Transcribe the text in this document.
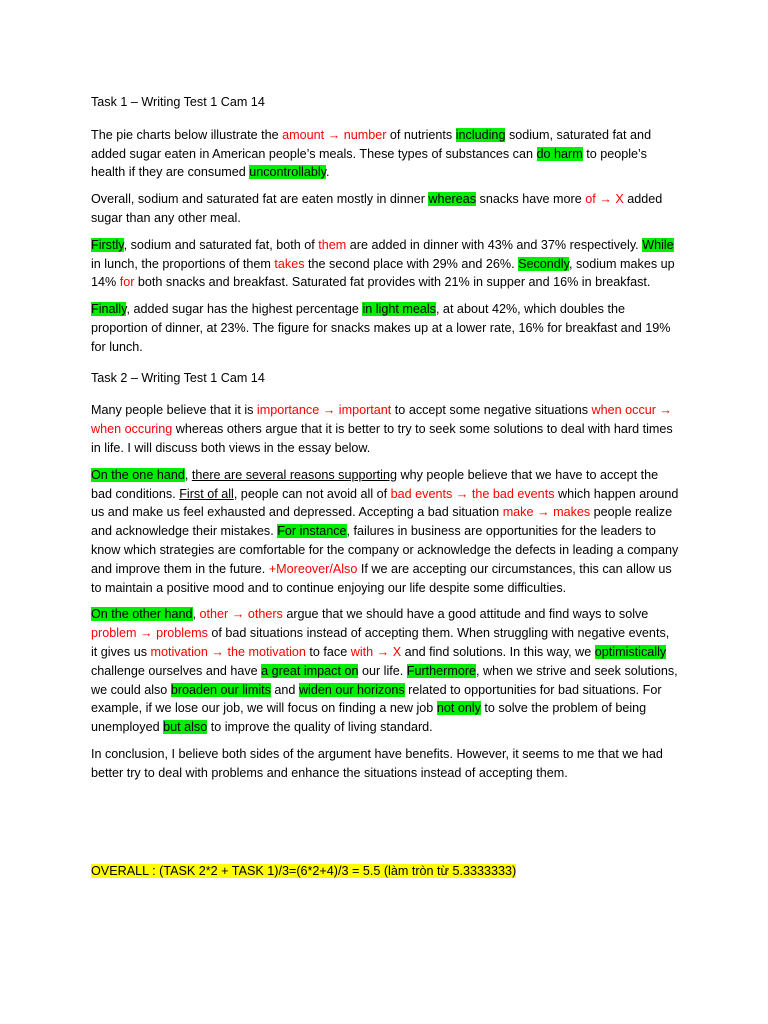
Task 1 – Writing Test 1 Cam 14

The pie charts below illustrate the amount → number of nutrients including sodium, saturated fat and added sugar eaten in American people’s meals. These types of substances can do harm to people’s health if they are consumed uncontrollably.

Overall, sodium and saturated fat are eaten mostly in dinner whereas snacks have more of → X added sugar than any other meal.

Firstly, sodium and saturated fat, both of them are added in dinner with 43% and 37% respectively. While in lunch, the proportions of them takes the second place with 29% and 26%. Secondly, sodium makes up 14% for both snacks and breakfast. Saturated fat provides with 21% in supper and 16% in breakfast.

Finally, added sugar has the highest percentage in light meals, at about 42%, which doubles the proportion of dinner, at 23%. The figure for snacks makes up at a lower rate, 16% for breakfast and 19% for lunch.

Task 2 – Writing Test 1 Cam 14

Many people believe that it is importance → important to accept some negative situations when occur → when occuring whereas others argue that it is better to try to seek some solutions to deal with hard times in life. I will discuss both views in the essay below.

On the one hand, there are several reasons supporting why people believe that we have to accept the bad conditions. First of all, people can not avoid all of bad events → the bad events which happen around us and make us feel exhausted and depressed. Accepting a bad situation make → makes people realize and acknowledge their mistakes. For instance, failures in business are opportunities for the leaders to know which strategies are comfortable for the company or acknowledge the defects in leading a company and improve them in the future. +Moreover/Also If we are accepting our circumstances, this can allow us to maintain a positive mood and to continue enjoying our life despite some difficulties.

On the other hand, other → others argue that we should have a good attitude and find ways to solve problem → problems of bad situations instead of accepting them. When struggling with negative events, it gives us motivation → the motivation to face with → X and find solutions. In this way, we optimistically challenge ourselves and have a great impact on our life. Furthermore, when we strive and seek solutions, we could also broaden our limits and widen our horizons related to opportunities for bad situations. For example, if we lose our job, we will focus on finding a new job not only to solve the problem of being unemployed but also to improve the quality of living standard.

In conclusion, I believe both sides of the argument have benefits. However, it seems to me that we had better try to deal with problems and enhance the situations instead of accepting them.

OVERALL : (TASK 2*2 + TASK 1)/3=(6*2+4)/3 = 5.5 (làm tròn từ 5.3333333)
